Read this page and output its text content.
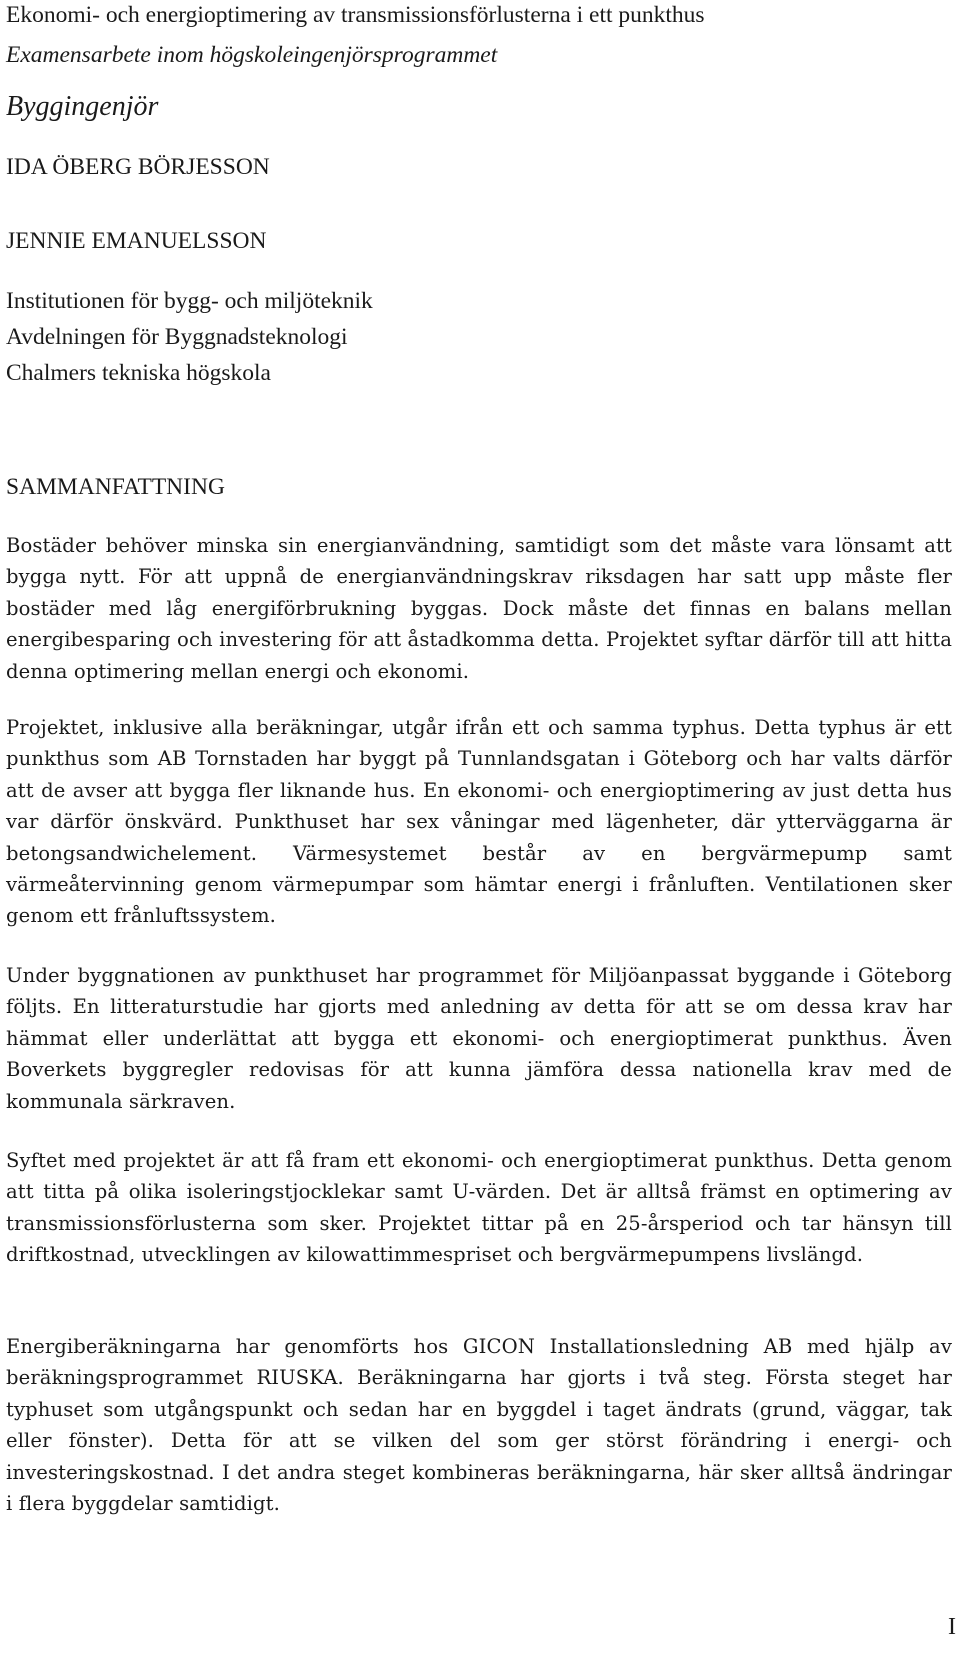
Ekonomi- och energioptimering av transmissionsförlusterna i ett punkthus
Examensarbete inom högskoleingenjörsprogrammet
Byggingenjör
IDA ÖBERG BÖRJESSON
JENNIE EMANUELSSON
Institutionen för bygg- och miljöteknik
Avdelningen för Byggnadsteknologi
Chalmers tekniska högskola
SAMMANFATTNING

Bostäder behöver minska sin energianvändning, samtidigt som det måste vara lönsamt att bygga nytt. För att uppnå de energianvändningskrav riksdagen har satt upp måste fler bostäder med låg energiförbrukning byggas. Dock måste det finnas en balans mellan energibesparing och investering för att åstadkomma detta. Projektet syftar därför till att hitta denna optimering mellan energi och ekonomi.

Projektet, inklusive alla beräkningar, utgår ifrån ett och samma typhus. Detta typhus är ett punkthus som AB Tornstaden har byggt på Tunnlandsgatan i Göteborg och har valts därför att de avser att bygga fler liknande hus. En ekonomi- och energioptimering av just detta hus var därför önskvärd. Punkthuset har sex våningar med lägenheter, där ytterväggarna är betongsandwichelement. Värmesystemet består av en bergvärmepump samt värmeåtervinning genom värmepumpar som hämtar energi i frånluften. Ventilationen sker genom ett frånluftssystem.

Under byggnationen av punkthuset har programmet för Miljöanpassat byggande i Göteborg följts. En litteraturstudie har gjorts med anledning av detta för att se om dessa krav har hämmat eller underlättat att bygga ett ekonomi- och energioptimerat punkthus. Även Boverkets byggregler redovisas för att kunna jämföra dessa nationella krav med de kommunala särkraven.

Syftet med projektet är att få fram ett ekonomi- och energioptimerat punkthus. Detta genom att titta på olika isoleringstjocklekar samt U-värden. Det är alltså främst en optimering av transmissionsförlusterna som sker. Projektet tittar på en 25-årsperiod och tar hänsyn till driftkostnad, utvecklingen av kilowattimmespriset och bergvärmepumpens livslängd.

Energiberäkningarna har genomförts hos GICON Installationsledning AB med hjälp av beräkningsprogrammet RIUSKA. Beräkningarna har gjorts i två steg. Första steget har typhuset som utgångspunkt och sedan har en byggdel i taget ändrats (grund, väggar, tak eller fönster). Detta för att se vilken del som ger störst förändring i energi- och investeringskostnad. I det andra steget kombineras beräkningarna, här sker alltså ändringar i flera byggdelar samtidigt.

I
